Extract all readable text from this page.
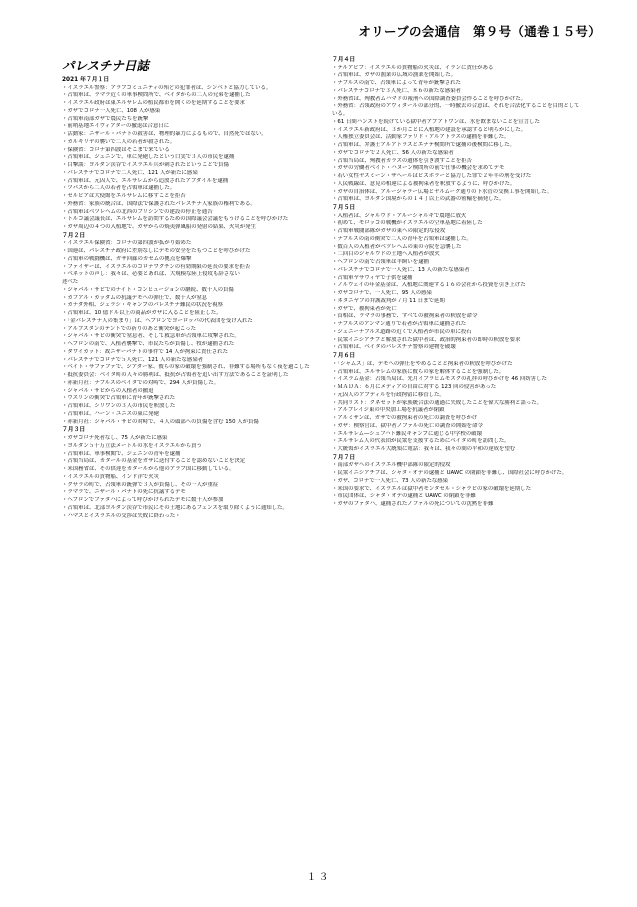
オリーブの会通信　第９号（通巻１５号）
パレスチナ日誌
2021 年７月１日
・イスラエル警察：アラブコミュニティの殆どの犯罪者は、シンベトと協力している。
・占領軍は、ラマラ近くの軍事検問所で、ベイタからの二人の兄弟を逮捕した
・イスラエル政府は東エルサレムの植民都市を開くのを延期することを要求
・ガザでコロナ一人死亡、108 人が感染
・占領軍南部ガザで農民たちを銃撃
・前哨基地エイヴィアターの撤退は合意日に
・活動家：ニザール・バナトの殺害は、物理的暴力によるもので、自然死ではない。
・カルキリヤの襲いで二人の若者が殺された。
・保険省：コロナ第四波はそこまで来ている
・占領軍は、ジェニンで、車に発砲したという口実で３人の市民を逮捕
・目撃談：ヨルダン渓谷でイスラエル兵が刺されたということで負傷
・パレスチナでコロナで二人死亡、121 人が新たに感染
・占領軍は、元囚人で、エルサレムから追放されたアブダイルを逮捕
・ツバスから二人の若者を占領軍は逮捕した。
・セルビアは大使館をエルサレムに移すことを拒否
・外務省：家族の統合は、国際法で保護されたパレスチナ人家族の権利である。
・占領軍はベツレヘムの北西のブリシンでの建設の停止を通告
・トルコ議会議長は、エルサレムを訪問するための国際議会会議をもうけることを呼びかけた
・ガザ周辺の４つの入植地で、ガザからの焼夷弾風船の発射の結果、火災が発生
７月２日
・イスラエル保険省：コロナの第四波が拡がり始めた
・国連は、パレスチナ政府に差別なしにデモの安全をたもつことを呼びかけた
・占領軍の戦闘機は、ガザ回廊のカセムの拠点を爆撃
・ファイザーは、イスラエルのコロナワクチンの有効期限の延長の要求を拒否
・ベネットの声し：我々は、必要とあれば、大規模な陸上侵攻も辞さない
述べた
・ジャバル・サビでのナイト・コンヒュージョンの継続、数十人の負傷
・カフアル・カッダムの抗議デモへの弾圧で、数十人が窒息
・カナダ外相、ジェラシ・キャンプのパレスチナ難民の状況を視察
・占領軍は、10 億ドル以上の商品がガザに入ることを阻止した。
・「金パレスチナ人の集まり」は、ヘブロンでヨーロッパの代表団を受け入れた
・アルブスタンのテントでの祈りのあと衝突が起こった
・ジャバル・サビの衝突で窒息者、そして救急車が占領軍に攻撃された。
・ヘブロンの南で、入植者襲撃で、市民たちが負傷し、牧が逮捕された
・ダワイカット：故ニザーバナトの事件で 14 人が拘束に責任された
・パレスチナでコロナで５人死亡、121 人の新たな感染者
・ベイト・サファファで、ジアダー家、彼らの家の破壊を強制され、非難する場所もなく夜を過ごした
・抵抗委員会：ベイタ町の人々の勝利は、抵抗が占領者を追い出す方法であることを証明した
・赤新月社：ナブルスのベイタでの対峙で、294 人が負傷した。
・ジャバル・サビからの入植者の撤退
・ウスリンの衝突で占領軍に青年が銃撃された
・占領軍は、シリワンの３人の市民を釈放した
・占領軍は、ハーン・ユニスの東に発砲
・赤新月社：ジャバル・サビの対峙で、４人の頭部への負傷を含む 150 人が負傷
７月３日
・ガザコロナ死者なし、75 人が新たに感染
・ヨルダン５千万立法メートルの水をイスラエルから買う
・占領軍は、軍事検閲で、ジェニンの青年を逮捕
・占領当局は、カタールの基金をガザに送付することを認めないことを決定
・米国務省は、その供達をカタールから他のアラブ国に移動している。
・イスラエルの貨物船、インド洋で火災
・クサラの町で、占領軍の銃弾で３人が負傷し、その一人が重症
・ラマラで、ニザール・バナトの死に抗議するデモ
・ヘブロンでファタハによって呼びかけられたデモに数千人が参加
・占領軍は、北部ヨルダン渓谷で市民にその土地にあるフェンスを取り除くように通知した。
・ハマスとイスラエルの交渉は失敗に終わった・
７月４日
・テルアビブ：イスラエルの貨物船の火災は、イランに責任がある
・占領軍は、ガザの漁業の広域の漁業を開始した。
・ナブルスの南で、占領軍によって青年が銃撃された
・パレスチナコロナで３人死亡、８６の新たな感染者
・外務省は、殉教者ムハマドの報刑への国際調査委員会作ることを呼びかけた。
・外務省：占領政府のアヴィタールの部分的、一時撤去の合意は、それを合法化することを目的としている。
・61 日間ハンストを続けている獄中者アブアトワンは、水を飲まないことを宣言した
・イスラエル新政府は、３か月ごとに入植地の建設を承認すると明らかにした。
・人権独立委員会は、活動家ファリド・アルアトラスの逮捕を非難した。
・占領軍は、弁護士アルアトラスとエナテ検問所で逮捕の後検問に移した。
・ガザでコロナで２人死亡、56 人の新たな感染者
・占領当局は、殉教者カラスの遺体を引き渡すことを拒否
・ガザの労働者ベイト・ハヌーン検問所の前で仕事の機会を求めてデモ
・若い女性ヤスミーン・ザヘールはビズボラーと協力した罪で２年半の刑を受けた
・人民戦線は、意見の相違による被拘束者を釈放するように、呼びかけた。
・ガザの自治体は、アルージャラー広場とヤルムーク通りの下水管の交換工事を開始した。
・占領軍は、ヨルダン国境からの１４丁以上の武器の密輸を摘発した。
７月５日
・入植者は、ジャルウド・アルーシャルキで農地に放火
・初めて、モロッコの戦機がイスラエルの空軍基地に着陸した
・占領軍戦闘部隊がガザの東への限定的な侵攻
・ナブルスの南の衝突で二人の青年を占領軍は逮捕した。
・数百人の入植者がベツレヘムの東の寺院を急襲した
・二回目のジャルウドの土地へ入植者が放火
・ヘブロンの南で占領軍は羊飼いを逮捕
・パレスチナでコロナで一人死亡、13 人の新たな感染者
・占領軍ヤサウィヤで子供を逮捕
・ノルウェイの年金基金は、入植地に関連する１６の会社から投資を引き上げた
・ガザコロナで、一人死亡、95 人の感染
・ネタニヤフの弁護裁判が７月 11 日まで延期
・ガザで、被拘束者が死亡
・首相は、ラマラの事務で、すべての被拘束者の釈放を命令
・ナブルスのアンマン通りで若者が占領軍に逮捕された
・ジェニーナブルス道路の近くで入植者が市民の車に投石
・民衆イニシアチブと解放された獄中者は、政治的拘束者の即時の釈放を要求
・占領軍は、ベイタのパレスチナ警察の建物を破壊
７月６日
・「シャムス」は、デモへの弾圧をやめることと拘束者の釈放を呼びかけた
・占領軍は、エルサレムの家族に彼らの家を解体することを強制した。
・イスラム基金：占領当局は、先月イブラヒムモスクの礼拝の呼びかけを 46 回妨害した
・ＭＡＤＡ：６月にメディアの自由に対する 123 回の侵害があった
・元囚人のアブディルを行政拘留に移管した。
・共同リスト：クネセットが家族統合法の通過に失敗したことを偉大な勝利と語った。
・アルブレイジ東の中央加工場を抗議者が閉鎖
・アルミザンは、ガザでの被拘束者の死亡の調査を呼びかけ
・ガザ：検察官は、獄中者ノファルの死亡の調査の開始を命令
・エルサレム―シュフハト難民キャンプに通じる中学校の破壊
・エルサレム人の代表団が民衆を支援するためにベイタの町を訪問した。
・大統領がイスラエル大統領に電話：我々は、我々の間の平和の達成を望む
７月７日
・南部ガザへのイスラエル機甲部隊の限定的侵攻
・民衆イニシアチブは、シャタ・オデの逮捕と UAWC の閉鎖を非難し、国際社会に呼びかけた。
・ガザ、コロナで一人死亡、73 人の新たな感染
・米国の要求で、イスラエルは獄中者モンタセル・シャラビの家の破壊を延期した
・市民団体は、シャタ・オデの逮捕と UAWC の閉鎖を非難
・ガザのファタハ、逮捕されたノファルの死についての沈黙を非難
１３
